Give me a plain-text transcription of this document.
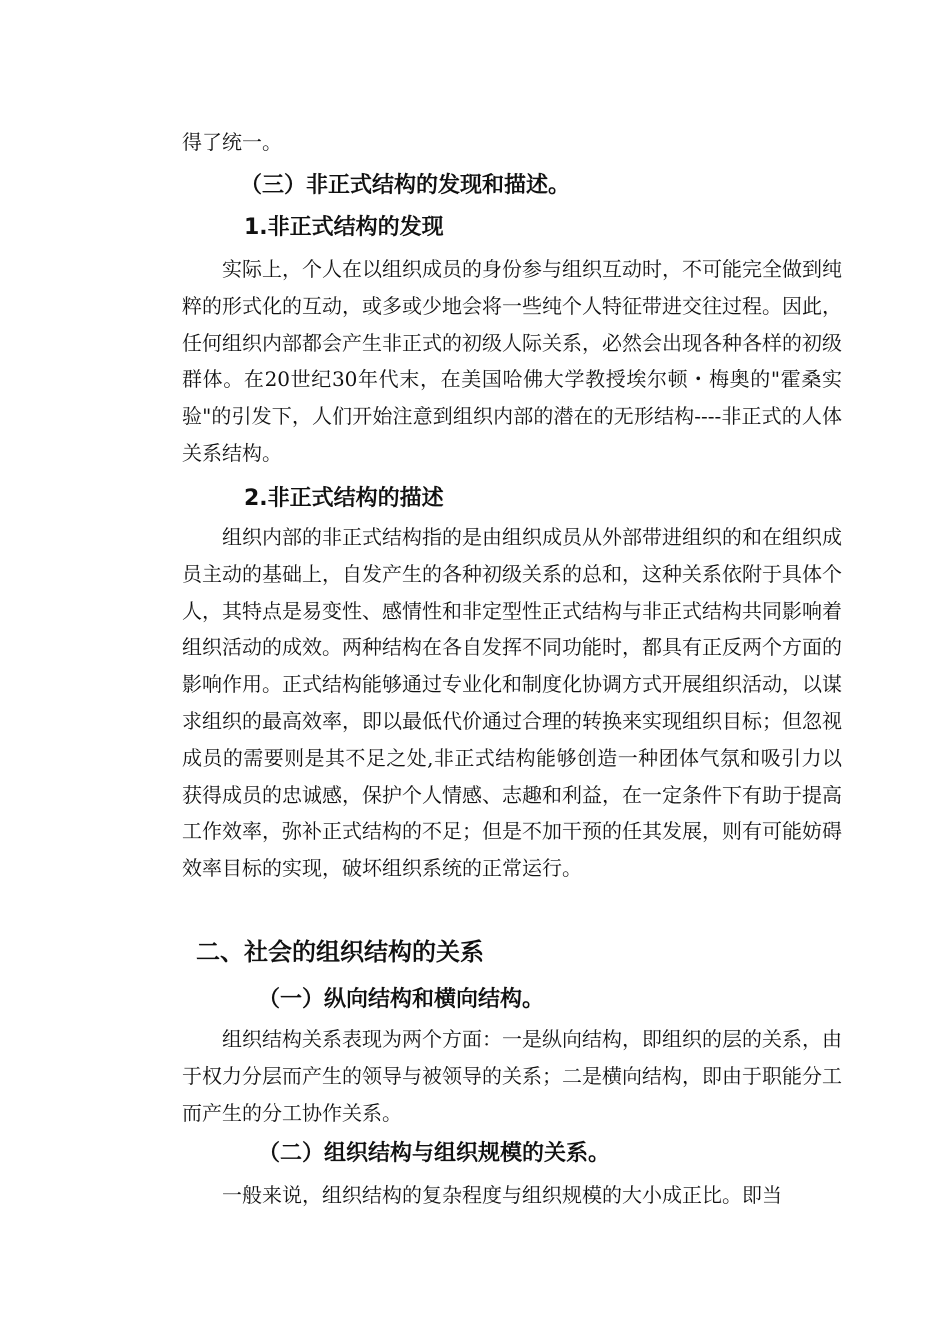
得了统一。

（三）非正式结构的发现和描述。
1.非正式结构的发现

实际上，个人在以组织成员的身份参与组织互动时，不可能完全做到纯粹的形式化的互动，或多或少地会将一些纯个人特征带进交往过程。因此，任何组织内部都会产生非正式的初级人际关系，必然会出现各种各样的初级群体。在20世纪30年代末，在美国哈佛大学教授埃尔顿・梅奥的"霍桑实验"的引发下，人们开始注意到组织内部的潜在的无形结构----非正式的人体关系结构。

2.非正式结构的描述

组织内部的非正式结构指的是由组织成员从外部带进组织的和在组织成员主动的基础上，自发产生的各种初级关系的总和，这种关系依附于具体个人，其特点是易变性、感情性和非定型性正式结构与非正式结构共同影响着组织活动的成效。两种结构在各自发挥不同功能时，都具有正反两个方面的影响作用。正式结构能够通过专业化和制度化协调方式开展组织活动，以谋求组织的最高效率，即以最低代价通过合理的转换来实现组织目标；但忽视成员的需要则是其不足之处,非正式结构能够创造一种团体气氛和吸引力以获得成员的忠诚感，保护个人情感、志趣和利益，在一定条件下有助于提高工作效率，弥补正式结构的不足；但是不加干预的任其发展，则有可能妨碍效率目标的实现，破坏组织系统的正常运行。

二、社会的组织结构的关系
（一）纵向结构和横向结构。

组织结构关系表现为两个方面：一是纵向结构，即组织的层的关系，由于权力分层而产生的领导与被领导的关系；二是横向结构，即由于职能分工而产生的分工协作关系。

（二）组织结构与组织规模的关系。

一般来说，组织结构的复杂程度与组织规模的大小成正比。即当
